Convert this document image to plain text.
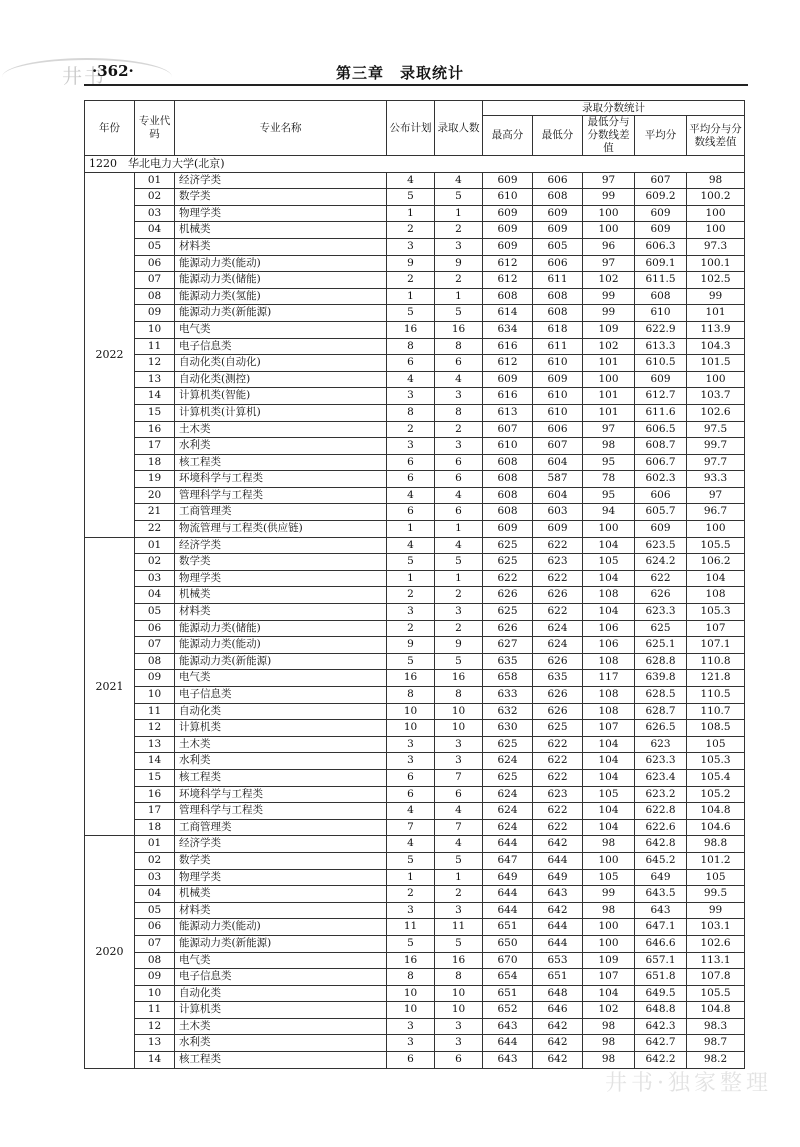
井书
·362·	第三章　录取统计
年份	专业代码	专业名称	公布计划	录取人数	录取分数统计				
					最高分	最低分	最低分与分数线差值	平均分	平均分与分数线差值
1220　华北电力大学(北京)									
2022	01	经济学类	4	4	609	606	97	607	98
	02	数学类	5	5	610	608	99	609.2	100.2
	03	物理学类	1	1	609	609	100	609	100
	04	机械类	2	2	609	609	100	609	100
	05	材料类	3	3	609	605	96	606.3	97.3
	06	能源动力类(能动)	9	9	612	606	97	609.1	100.1
	07	能源动力类(储能)	2	2	612	611	102	611.5	102.5
	08	能源动力类(氢能)	1	1	608	608	99	608	99
	09	能源动力类(新能源)	5	5	614	608	99	610	101
	10	电气类	16	16	634	618	109	622.9	113.9
	11	电子信息类	8	8	616	611	102	613.3	104.3
	12	自动化类(自动化)	6	6	612	610	101	610.5	101.5
	13	自动化类(测控)	4	4	609	609	100	609	100
	14	计算机类(智能)	3	3	616	610	101	612.7	103.7
	15	计算机类(计算机)	8	8	613	610	101	611.6	102.6
	16	土木类	2	2	607	606	97	606.5	97.5
	17	水利类	3	3	610	607	98	608.7	99.7
	18	核工程类	6	6	608	604	95	606.7	97.7
	19	环境科学与工程类	6	6	608	587	78	602.3	93.3
	20	管理科学与工程类	4	4	608	604	95	606	97
	21	工商管理类	6	6	608	603	94	605.7	96.7
	22	物流管理与工程类(供应链)	1	1	609	609	100	609	100
2021	01	经济学类	4	4	625	622	104	623.5	105.5
	02	数学类	5	5	625	623	105	624.2	106.2
	03	物理学类	1	1	622	622	104	622	104
	04	机械类	2	2	626	626	108	626	108
	05	材料类	3	3	625	622	104	623.3	105.3
	06	能源动力类(储能)	2	2	626	624	106	625	107
	07	能源动力类(能动)	9	9	627	624	106	625.1	107.1
	08	能源动力类(新能源)	5	5	635	626	108	628.8	110.8
	09	电气类	16	16	658	635	117	639.8	121.8
	10	电子信息类	8	8	633	626	108	628.5	110.5
	11	自动化类	10	10	632	626	108	628.7	110.7
	12	计算机类	10	10	630	625	107	626.5	108.5
	13	土木类	3	3	625	622	104	623	105
	14	水利类	3	3	624	622	104	623.3	105.3
	15	核工程类	6	7	625	622	104	623.4	105.4
	16	环境科学与工程类	6	6	624	623	105	623.2	105.2
	17	管理科学与工程类	4	4	624	622	104	622.8	104.8
	18	工商管理类	7	7	624	622	104	622.6	104.6
2020	01	经济学类	4	4	644	642	98	642.8	98.8
	02	数学类	5	5	647	644	100	645.2	101.2
	03	物理学类	1	1	649	649	105	649	105
	04	机械类	2	2	644	643	99	643.5	99.5
	05	材料类	3	3	644	642	98	643	99
	06	能源动力类(能动)	11	11	651	644	100	647.1	103.1
	07	能源动力类(新能源)	5	5	650	644	100	646.6	102.6
	08	电气类	16	16	670	653	109	657.1	113.1
	09	电子信息类	8	8	654	651	107	651.8	107.8
	10	自动化类	10	10	651	648	104	649.5	105.5
	11	计算机类	10	10	652	646	102	648.8	104.8
	12	土木类	3	3	643	642	98	642.3	98.3
	13	水利类	3	3	644	642	98	642.7	98.7
	14	核工程类	6	6	643	642	98	642.2	98.2
井书·独家整理
